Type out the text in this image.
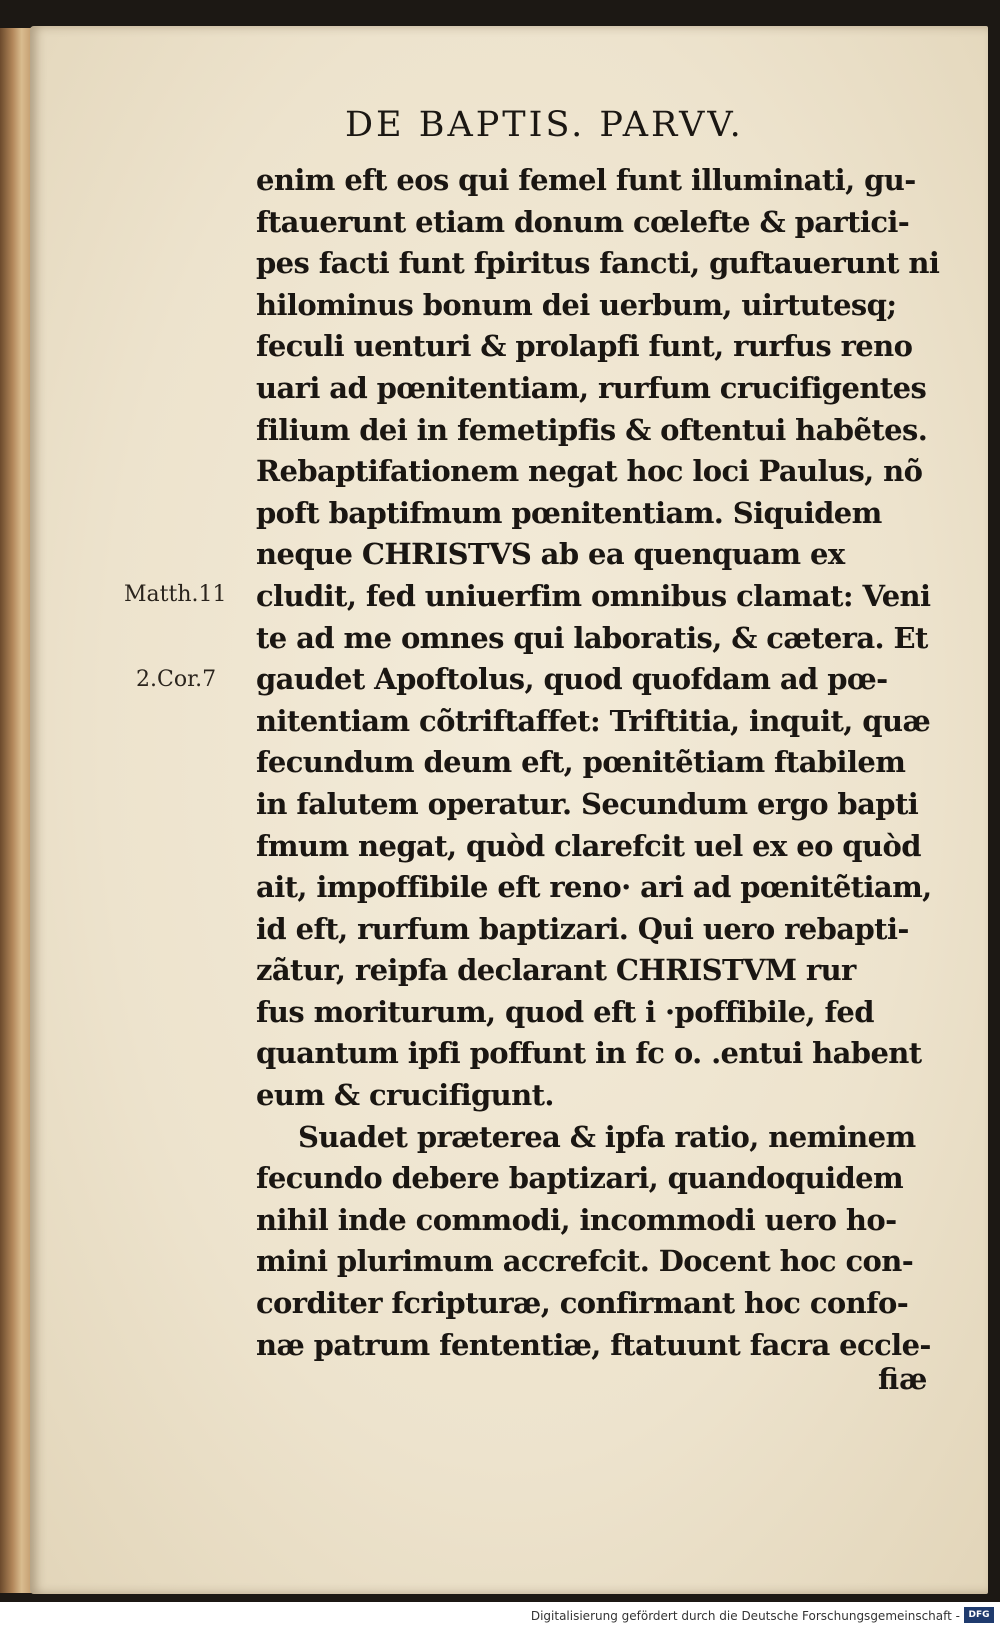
DE BAPTIS. PARVV.
enim eft eos qui femel funt illuminati, gu-
ftauerunt etiam donum cœlefte & partici-
pes facti funt fpiritus fancti, guftauerunt ni
hilominus bonum dei uerbum, uirtutesq;
feculi uenturi & prolapfi funt, rurfus reno
uari ad pœnitentiam, rurfum crucifigentes
filium dei in femetipfis & oftentui habẽtes.
Rebaptifationem negat hoc loci Paulus, nõ
poft baptifmum pœnitentiam. Siquidem
neque CHRISTVS ab ea quenquam ex
cludit, fed uniuerfim omnibus clamat: Veni
te ad me omnes qui laboratis, & cætera. Et
gaudet Apoftolus, quod quofdam ad pœ-
nitentiam cõtriftaffet: Triftitia, inquit, quæ
fecundum deum eft, pœnitẽtiam ftabilem
in falutem operatur. Secundum ergo bapti
fmum negat, quòd clarefcit uel ex eo quòd
ait, impoffibile eft reno· ari ad pœnitẽtiam,
id eft, rurfum baptizari. Qui uero rebapti-
zãtur, reipfa declarant CHRISTVM rur
fus moriturum, quod eft i ·poffibile, fed
quantum ipfi poffunt in fc o. .entui habent
eum & crucifigunt.
Suadet præterea & ipfa ratio, neminem
fecundo debere baptizari, quandoquidem
nihil inde commodi, incommodi uero ho-
mini plurimum accrefcit. Docent hoc con-
corditer fcripturæ, confirmant hoc confo-
næ patrum fententiæ, ftatuunt facra eccle-
Matth.11
2.Cor.7
fiæ
Digitalisierung gefördert durch die Deutsche Forschungsgemeinschaft - DFG
